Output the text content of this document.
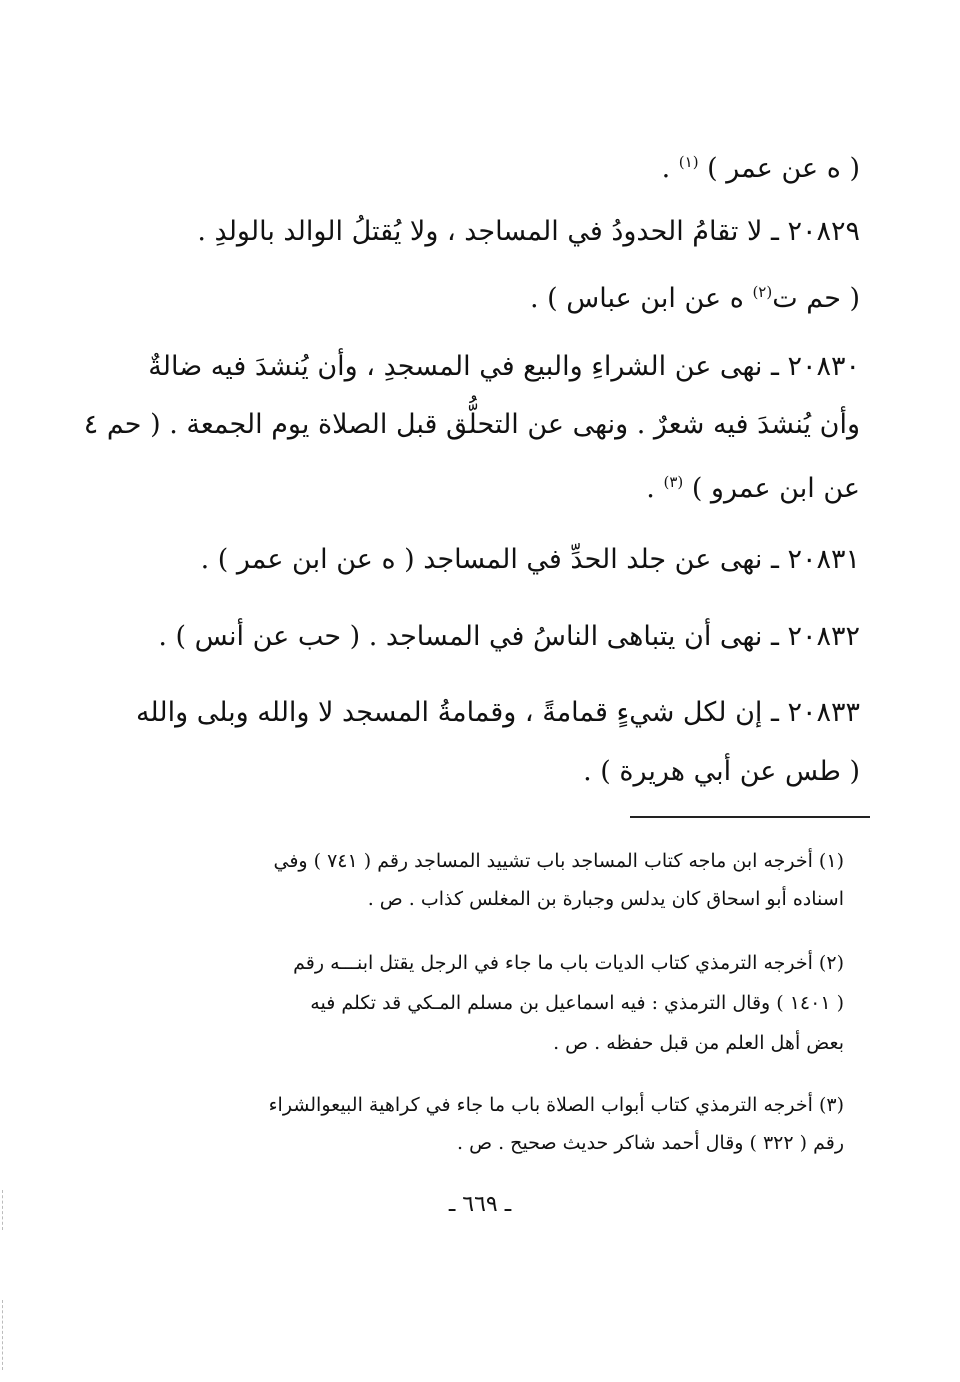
( ه عن عمر ) $^{(١)}$ .
٢٠٨٢٩ ـ لا تقامُ الحدودُ في المساجد ، ولا يُقتلُ الوالد بالولدِ .
( حم ت$^{(٢)}$ ه عن ابن عباس ) .
٢٠٨٣٠ ـ نهى عن الشراءِ والبيع في المسجدِ ، وأن يُنشدَ فيه ضالةٌ
وأن يُنشدَ فيه شعرٌ . ونهى عن التحلُّق قبل الصلاة يوم الجمعة . ( حم ٤
عن ابن عمرو ) $^{(٣)}$ .
٢٠٨٣١ ـ نهى عن جلد الحدِّ في المساجد ( ه عن ابن عمر ) .
٢٠٨٣٢ ـ نهى أن يتباهى الناسُ في المساجد . ( حب عن أنس ) .
٢٠٨٣٣ ـ إن لكل شيءٍ قمامةً ، وقمامةُ المسجد لا والله وبلى والله
( طس عن أبي هريرة ) .
(١) أخرجه ابن ماجه كتاب المساجد باب تشييد المساجد رقم ( ٧٤١ ) وفي
اسناده أبو اسحاق كان يدلس وجبارة بن المغلس كذاب . ص .
(٢) أخرجه الترمذي كتاب الديات باب ما جاء في الرجل يقتل ابنـــه رقم
( ١٤٠١ ) وقال الترمذي : فيه اسماعيل بن مسلم المـكي قد تكلم فيه
بعض أهل العلم من قبل حفظه . ص .
(٣) أخرجه الترمذي كتاب أبواب الصلاة باب ما جاء في كراهية البيعوالشراء
رقم ( ٣٢٢ ) وقال أحمد شاكر حديث صحيح . ص .
ـ ٦٦٩ ـ
